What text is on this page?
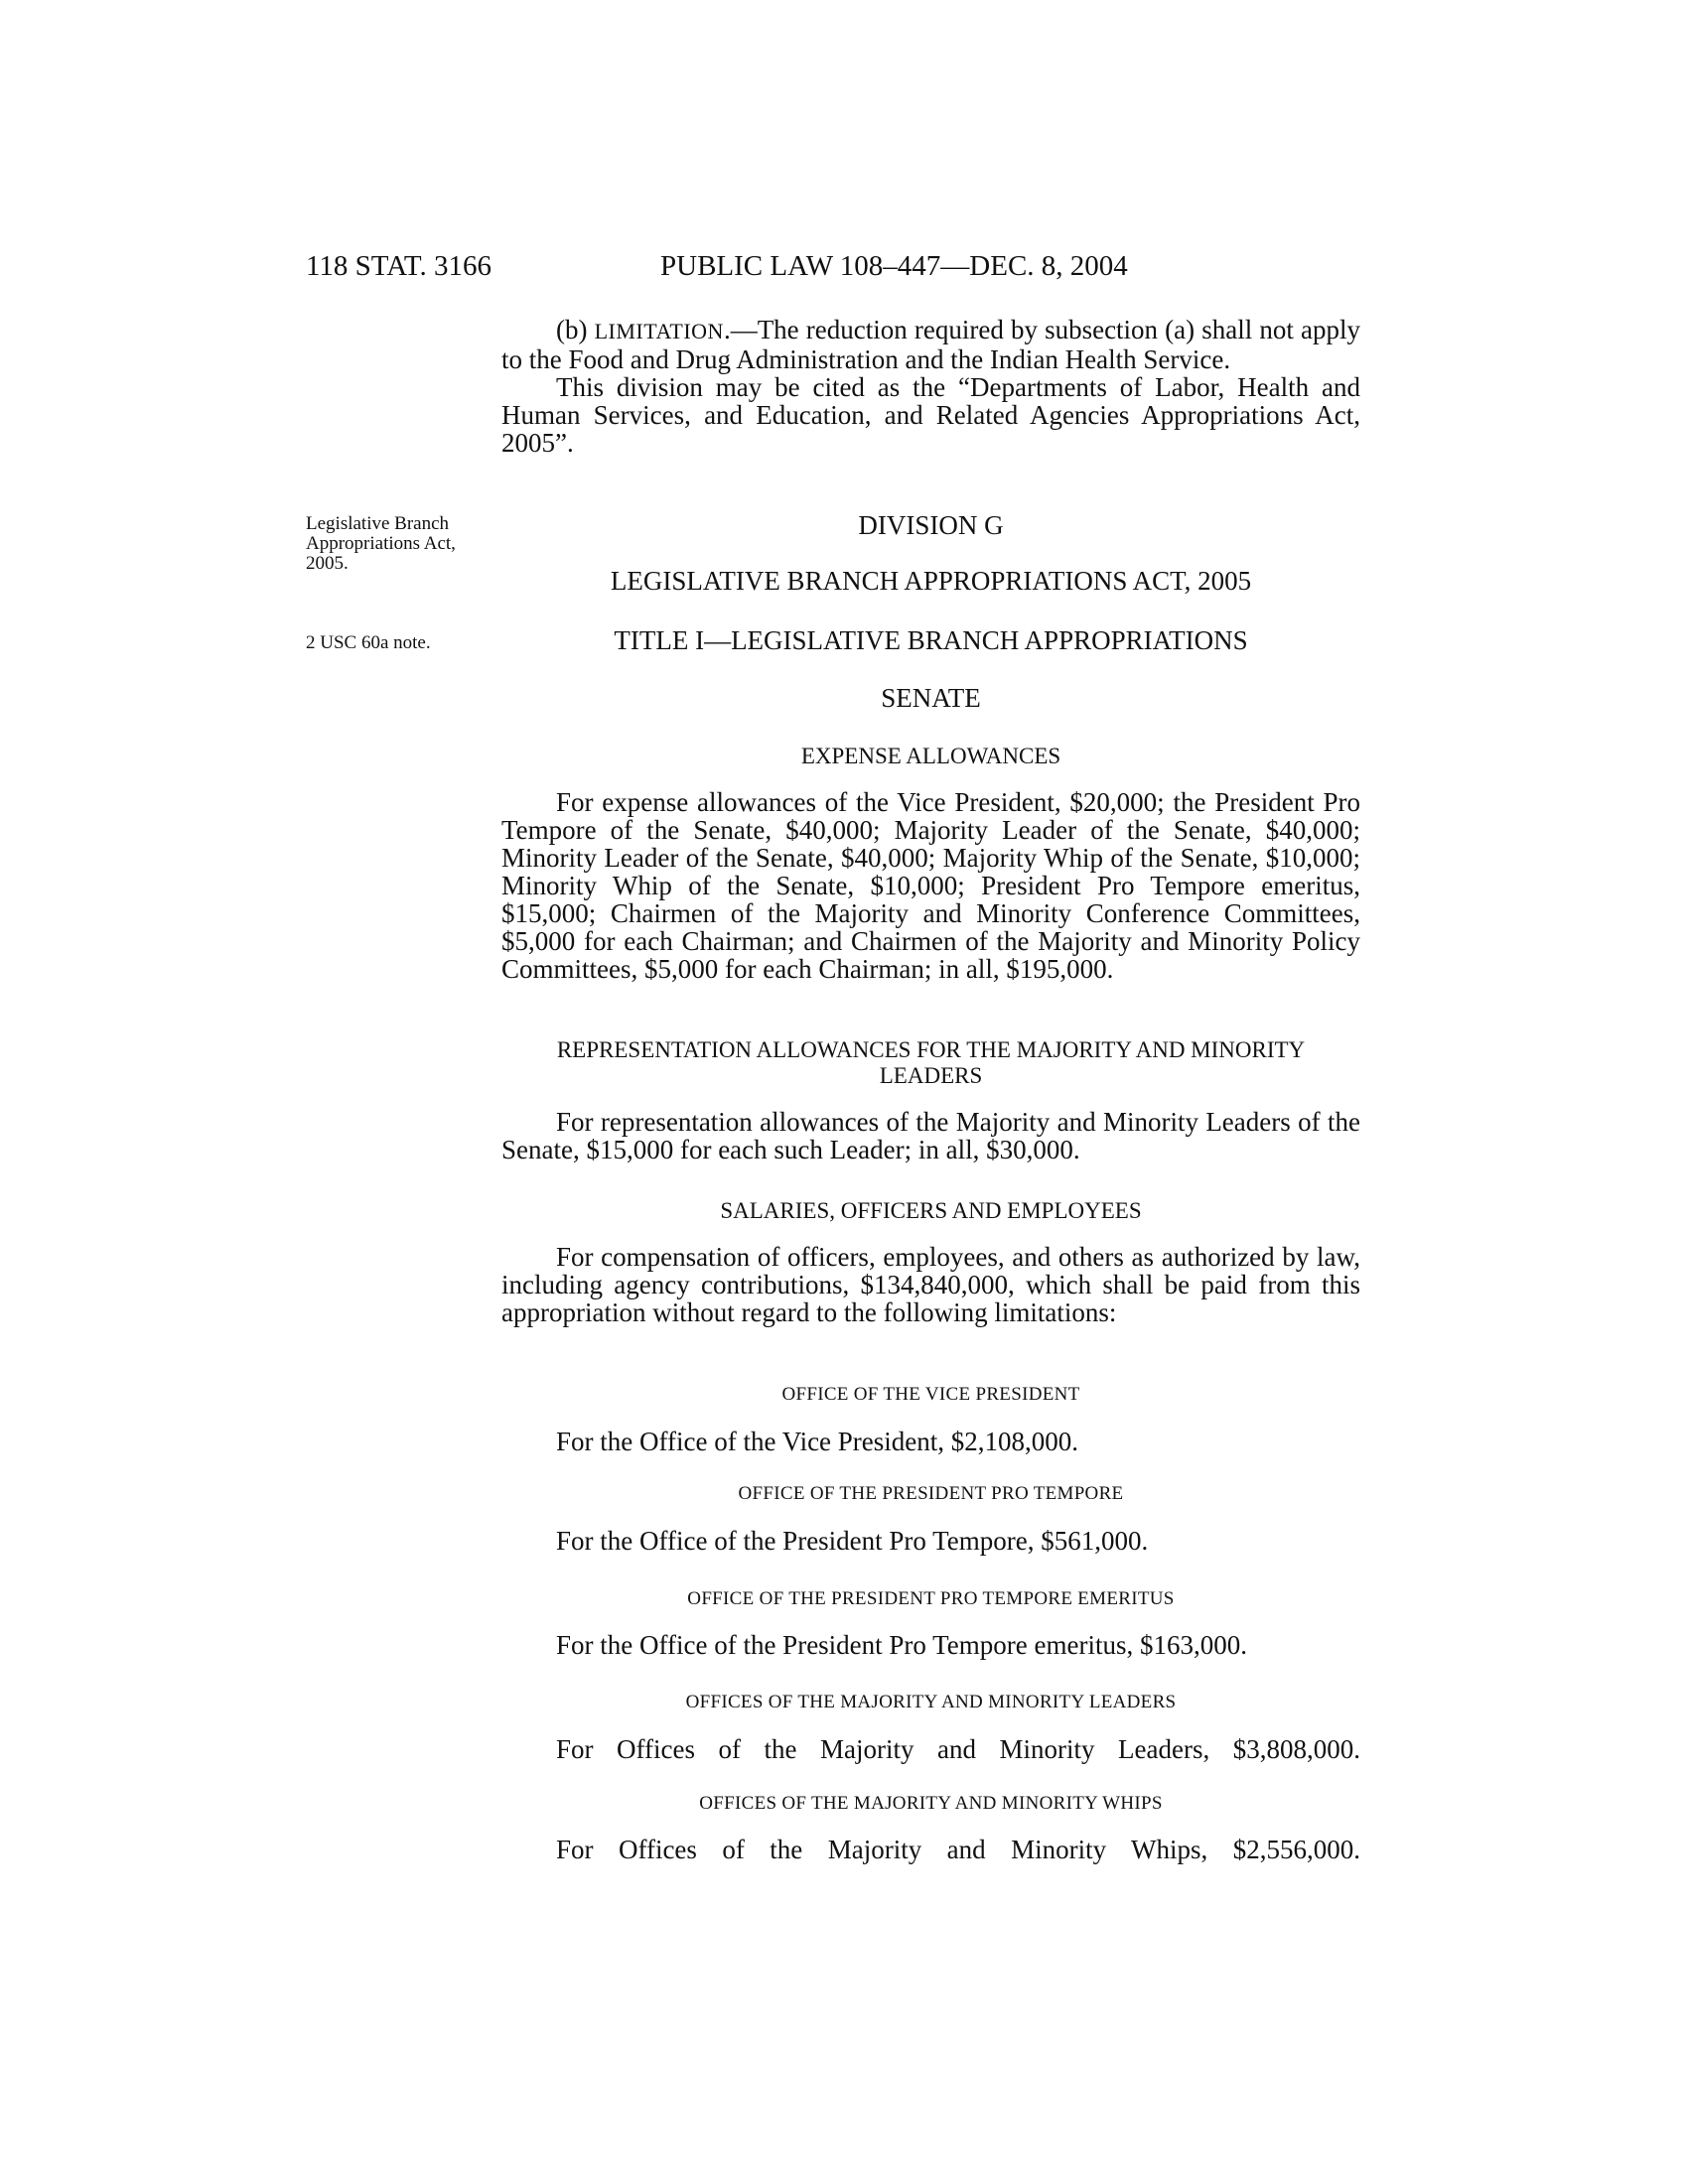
118 STAT. 3166	PUBLIC LAW 108–447—DEC. 8, 2004

(b) LIMITATION.—The reduction required by subsection (a) shall not apply to the Food and Drug Administration and the Indian Health Service.

This division may be cited as the “Departments of Labor, Health and Human Services, and Education, and Related Agencies Appropriations Act, 2005”.

Legislative Branch Appropriations Act, 2005.
2 USC 60a note.
DIVISION G
LEGISLATIVE BRANCH APPROPRIATIONS ACT, 2005
TITLE I—LEGISLATIVE BRANCH APPROPRIATIONS
SENATE
EXPENSE ALLOWANCES

For expense allowances of the Vice President, $20,000; the President Pro Tempore of the Senate, $40,000; Majority Leader of the Senate, $40,000; Minority Leader of the Senate, $40,000; Majority Whip of the Senate, $10,000; Minority Whip of the Senate, $10,000; President Pro Tempore emeritus, $15,000; Chairmen of the Majority and Minority Conference Committees, $5,000 for each Chairman; and Chairmen of the Majority and Minority Policy Committees, $5,000 for each Chairman; in all, $195,000.

REPRESENTATION ALLOWANCES FOR THE MAJORITY AND MINORITY LEADERS

For representation allowances of the Majority and Minority Leaders of the Senate, $15,000 for each such Leader; in all, $30,000.

SALARIES, OFFICERS AND EMPLOYEES

For compensation of officers, employees, and others as authorized by law, including agency contributions, $134,840,000, which shall be paid from this appropriation without regard to the following limitations:

OFFICE OF THE VICE PRESIDENT

For the Office of the Vice President, $2,108,000.

OFFICE OF THE PRESIDENT PRO TEMPORE

For the Office of the President Pro Tempore, $561,000.

OFFICE OF THE PRESIDENT PRO TEMPORE EMERITUS

For the Office of the President Pro Tempore emeritus, $163,000.

OFFICES OF THE MAJORITY AND MINORITY LEADERS

For Offices of the Majority and Minority Leaders, $3,808,000.

OFFICES OF THE MAJORITY AND MINORITY WHIPS

For Offices of the Majority and Minority Whips, $2,556,000.
